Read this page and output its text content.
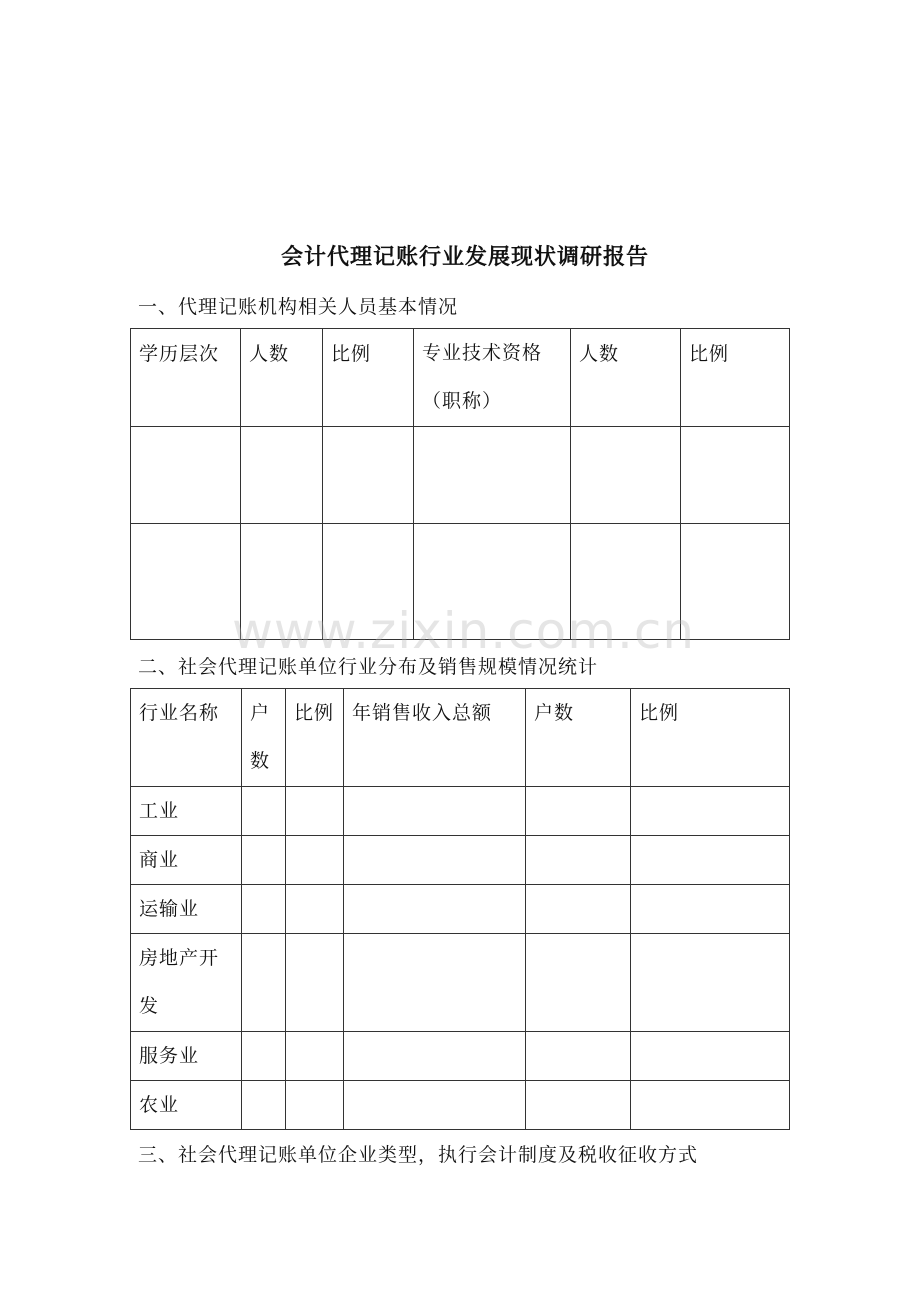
会计代理记账行业发展现状调研报告
一、代理记账机构相关人员基本情况
学历层次	人数	比例	专业技术资格（职称）	人数	比例

www.zixin.com.cn
二、社会代理记账单位行业分布及销售规模情况统计
行业名称	户数	比例	年销售收入总额	户数	比例

工业					

商业					

运输业					

房地产开发					

服务业					

农业					

三、社会代理记账单位企业类型，执行会计制度及税收征收方式
